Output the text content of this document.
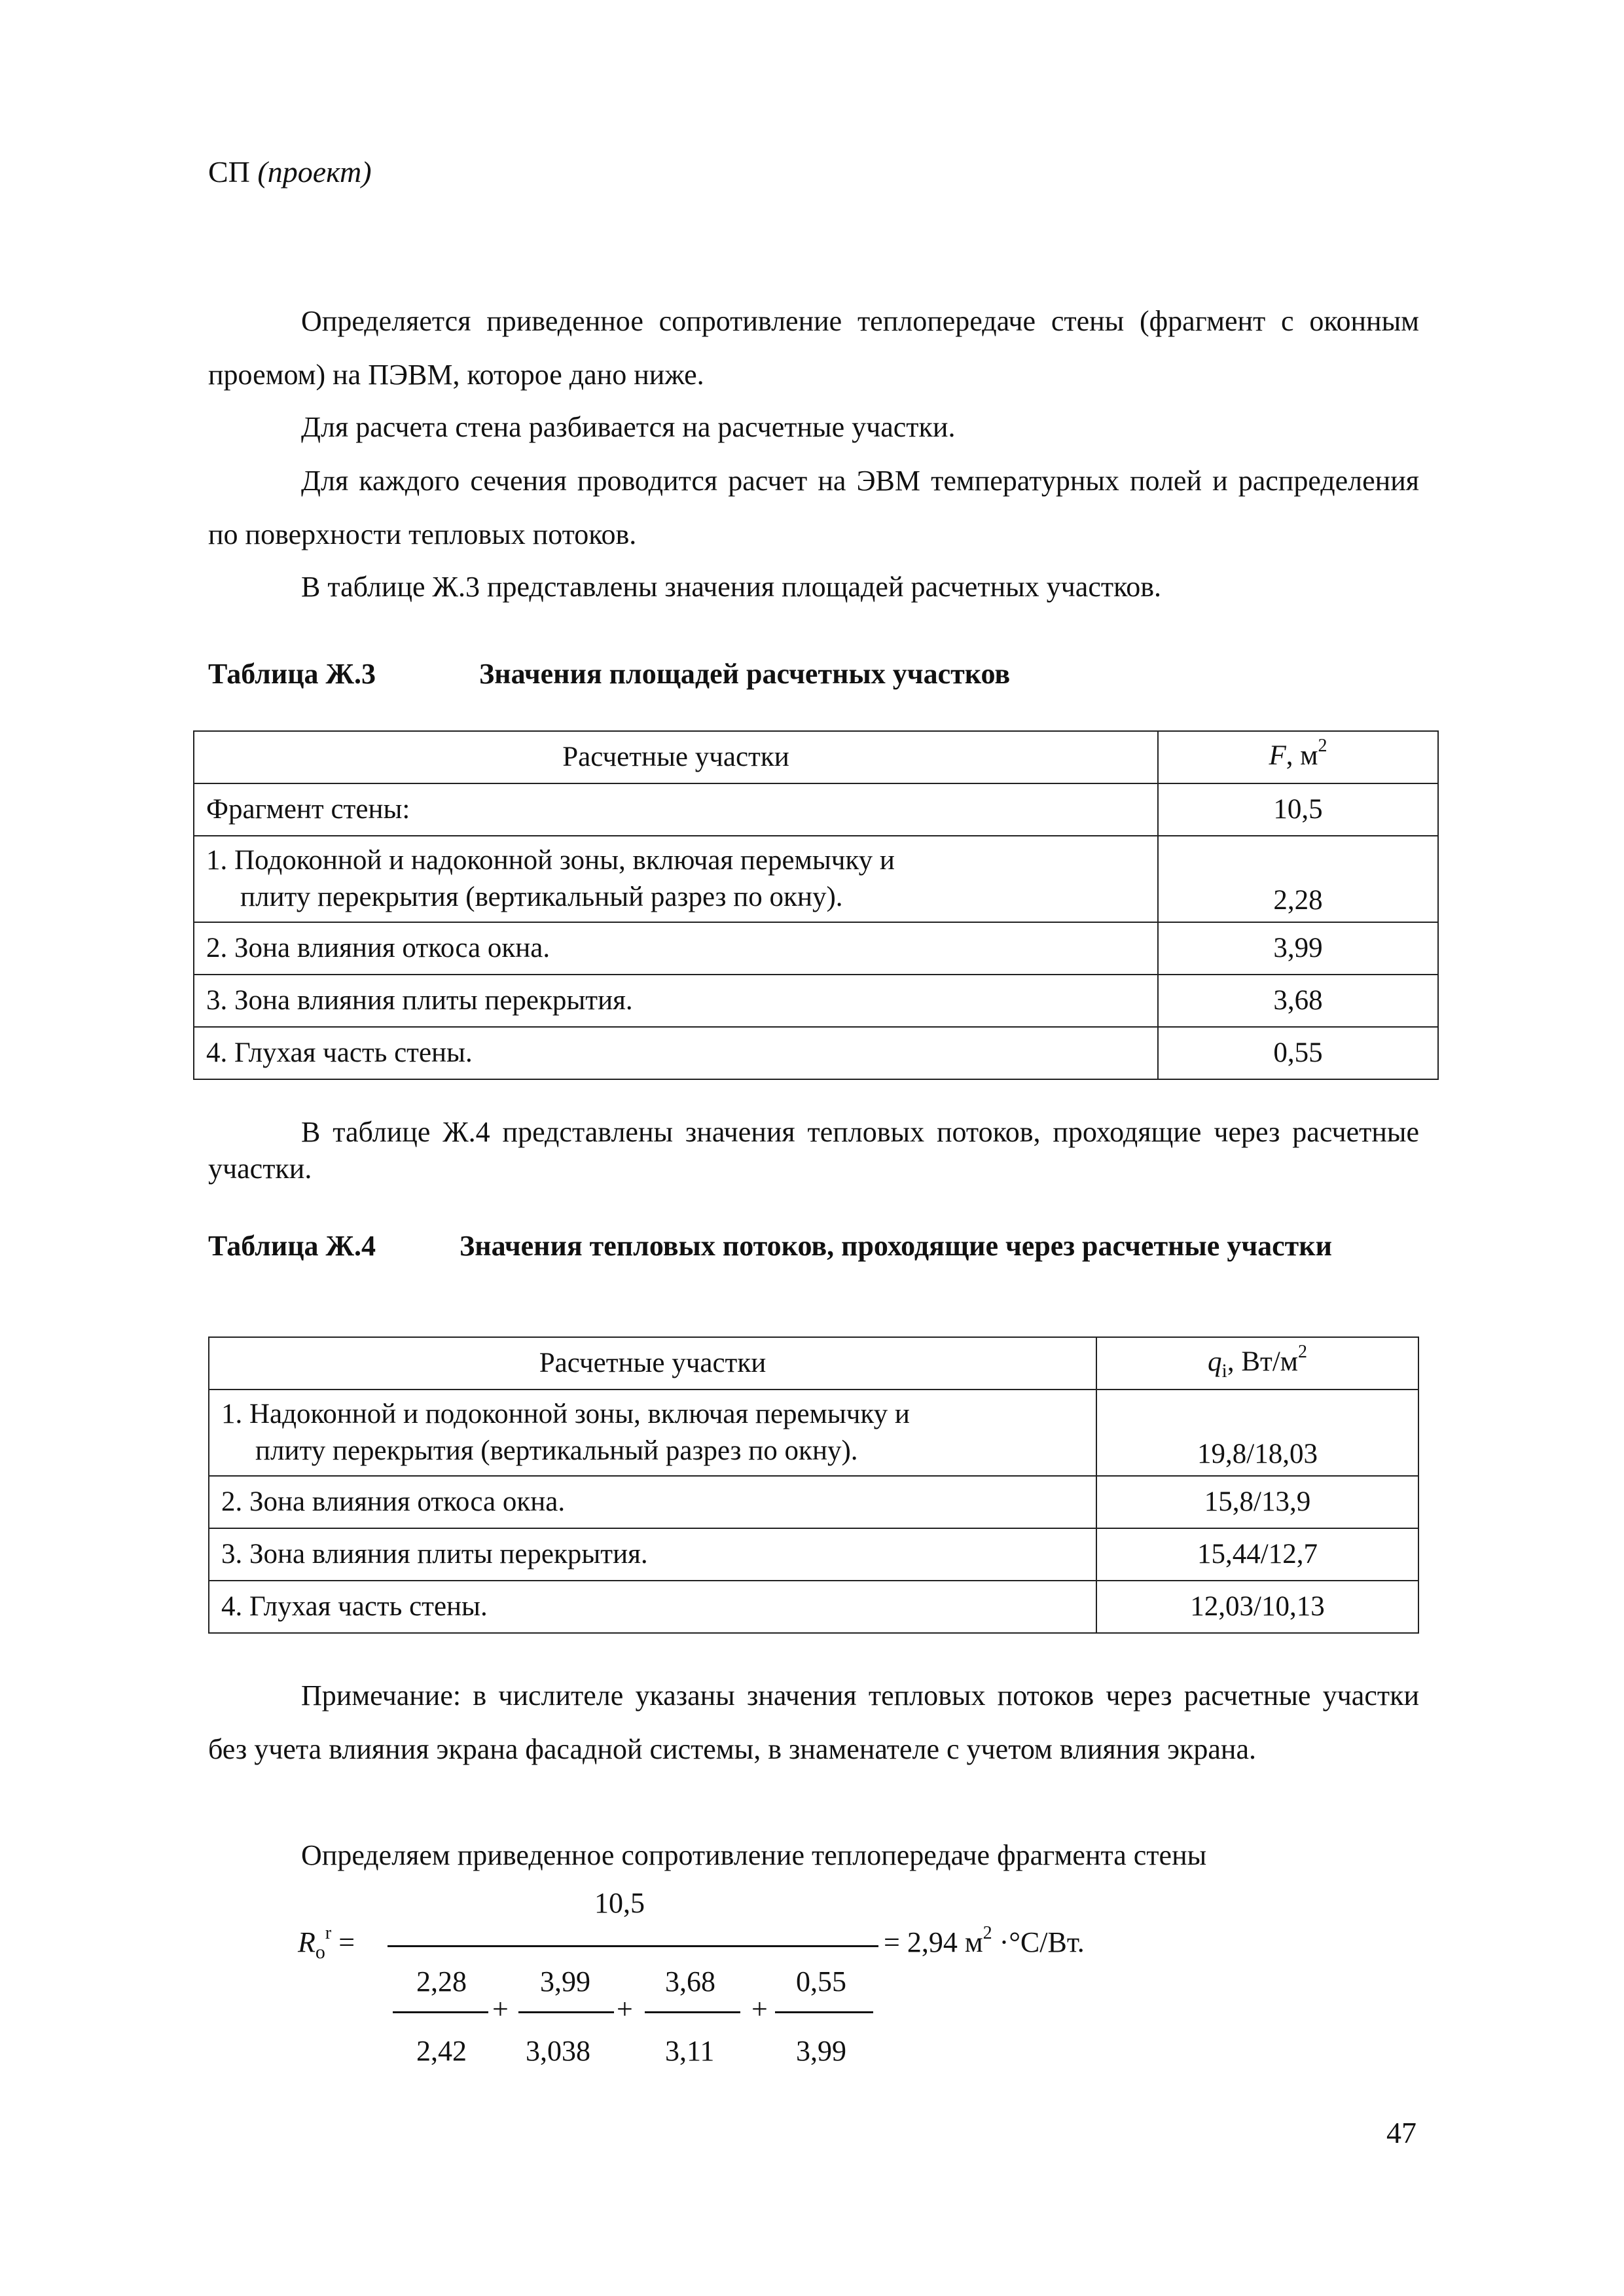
СП (проект)
Определяется приведенное сопротивление теплопередаче стены (фрагмент с оконным проемом) на ПЭВМ, которое дано ниже.
Для расчета стена разбивается на расчетные участки.
Для каждого сечения проводится расчет на ЭВМ температурных полей и распределения по поверхности тепловых потоков.
В таблице Ж.3 представлены значения площадей расчетных участков.
Таблица Ж.3	Значения площадей расчетных участков
Расчетные участки	F, $м^2$
Фрагмент стены:	10,5
1. Подоконной и надоконной зоны, включая перемычку и
плиту перекрытия (вертикальный разрез по окну).	2,28
2. Зона влияния откоса окна.	3,99
3. Зона влияния плиты перекрытия.	3,68
4. Глухая часть стены.	0,55
В таблице Ж.4 представлены значения тепловых потоков, проходящие через расчетные участки.
Таблица Ж.4	Значения тепловых потоков, проходящие через расчетные участки
Расчетные участки	$q_i$, $Вт/м^2$
1. Надоконной и подоконной зоны, включая перемычку и
плиту перекрытия (вертикальный разрез по окну).	19,8/18,03
2. Зона влияния откоса окна.	15,8/13,9
3. Зона влияния плиты перекрытия.	15,44/12,7
4. Глухая часть стены.	12,03/10,13
Примечание: в числителе указаны значения тепловых потоков через расчетные участки без учета влияния экрана фасадной системы, в знаменателе с учетом влияния экрана.
Определяем приведенное сопротивление теплопередаче фрагмента стены
$R_o^r$ =
10,5
= 2,94 $м^2 \cdot^\circ С/Вт$.
2,28
2,42
+
3,99
3,038
+
3,68
3,11
+
0,55
3,99
47
